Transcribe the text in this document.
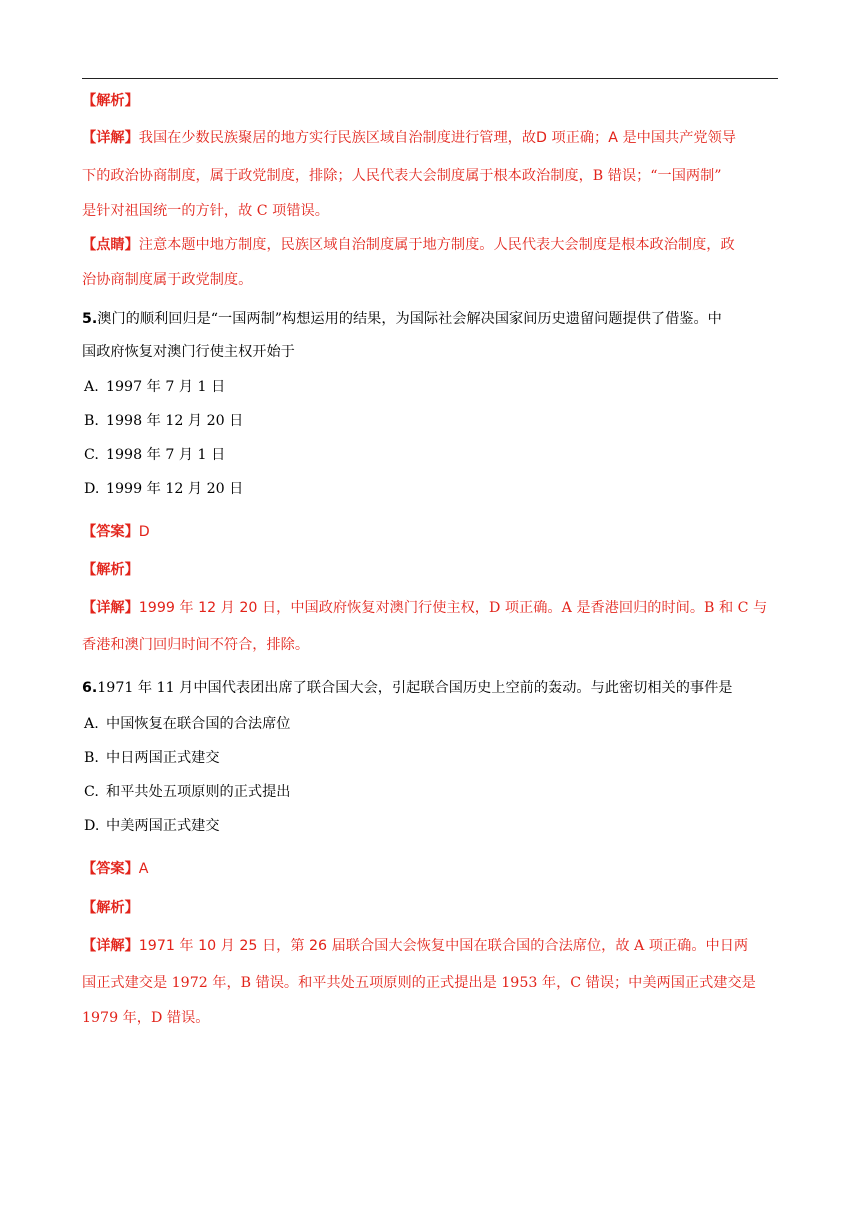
【解析】

【详解】我国在少数民族聚居的地方实行民族区域自治制度进行管理，故D 项正确；A 是中国共产党领导

下的政治协商制度，属于政党制度，排除；人民代表大会制度属于根本政治制度，B 错误；“一国两制”

是针对祖国统一的方针，故 C 项错误。

【点睛】注意本题中地方制度，民族区域自治制度属于地方制度。人民代表大会制度是根本政治制度，政

治协商制度属于政党制度。

5.澳门的顺利回归是“一国两制”构想运用的结果，为国际社会解决国家间历史遗留问题提供了借鉴。中

国政府恢复对澳门行使主权开始于

A. 1997 年 7 月 1 日

B. 1998 年 12 月 20 日

C. 1998 年 7 月 1 日

D. 1999 年 12 月 20 日

【答案】D

【解析】

【详解】1999 年 12 月 20 日，中国政府恢复对澳门行使主权，D 项正确。A 是香港回归的时间。B 和 C 与

香港和澳门回归时间不符合，排除。

6.1971 年 11 月中国代表团出席了联合国大会，引起联合国历史上空前的轰动。与此密切相关的事件是

A. 中国恢复在联合国的合法席位

B. 中日两国正式建交

C. 和平共处五项原则的正式提出

D. 中美两国正式建交

【答案】A

【解析】

【详解】1971 年 10 月 25 日，第 26 届联合国大会恢复中国在联合国的合法席位，故 A 项正确。中日两

国正式建交是 1972 年，B 错误。和平共处五项原则的正式提出是 1953 年，C 错误；中美两国正式建交是

1979 年，D 错误。
